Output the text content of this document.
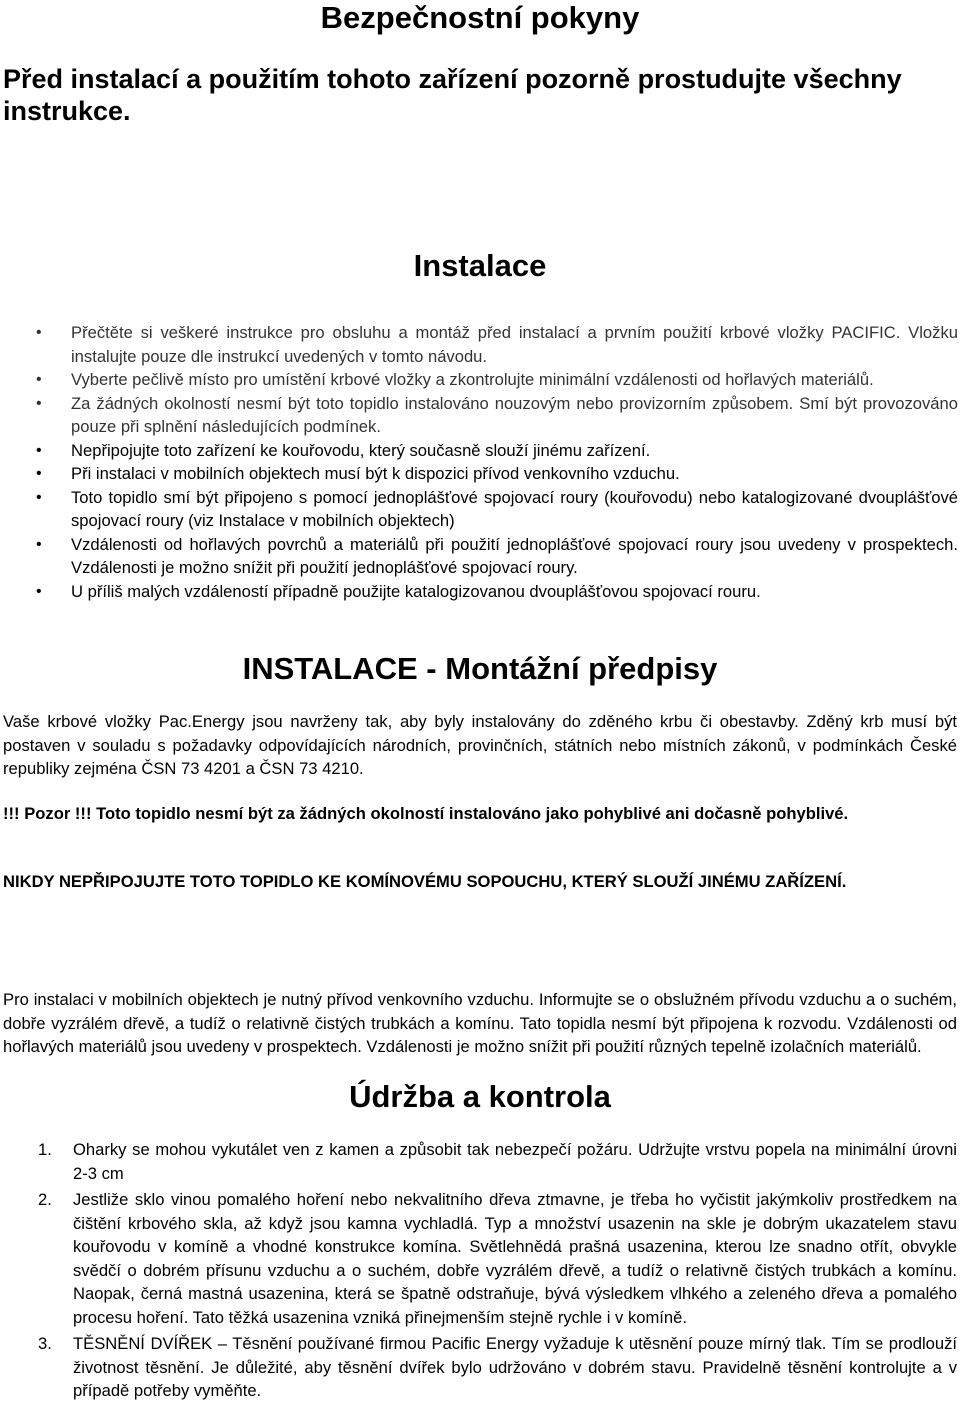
Bezpečnostní pokyny
Před instalací a použitím tohoto zařízení pozorně prostudujte všechny instrukce.
Instalace
• Přečtěte si veškeré instrukce pro obsluhu a montáž před instalací a prvním použití krbové vložky PACIFIC. Vložku instalujte pouze dle instrukcí uvedených v tomto návodu.
• Vyberte pečlivě místo pro umístění krbové vložky a zkontrolujte minimální vzdálenosti od hořlavých materiálů.
• Za žádných okolností nesmí být toto topidlo instalováno nouzovým nebo provizorním způsobem. Smí být provozováno pouze při splnění následujících podmínek.
• Nepřipojujte toto zařízení ke kouřovodu, který současně slouží jinému zařízení.
• Při instalaci v mobilních objektech musí být k dispozici přívod venkovního vzduchu.
• Toto topidlo smí být připojeno s pomocí jednoplášťové spojovací roury (kouřovodu) nebo katalogizované dvouplášťové spojovací roury (viz Instalace v mobilních objektech)
• Vzdálenosti od hořlavých povrchů a materiálů při použití jednoplášťové spojovací roury jsou uvedeny v prospektech. Vzdálenosti je možno snížit při použití jednoplášťové spojovací roury.
• U příliš malých vzdáleností případně použijte katalogizovanou dvouplášťovou spojovací rouru.
INSTALACE - Montážní předpisy
Vaše krbové vložky Pac.Energy jsou navrženy tak, aby byly instalovány do zděného krbu či obestavby. Zděný krb musí být postaven v souladu s požadavky odpovídajících národních, provinčních, státních nebo místních zákonů, v podmínkách České republiky zejména ČSN 73 4201 a ČSN 73 4210.
!!! Pozor !!! Toto topidlo nesmí být za žádných okolností instalováno jako pohyblivé ani dočasně pohyblivé.
NIKDY NEPŘIPOJUJTE TOTO TOPIDLO KE KOMÍNOVÉMU SOPOUCHU, KTERÝ SLOUŽÍ JINÉMU ZAŘÍZENÍ.
Pro instalaci v mobilních objektech je nutný přívod venkovního vzduchu. Informujte se o obslužném přívodu vzduchu a o suchém, dobře vyzrálém dřevě, a tudíž o relativně čistých trubkách a komínu. Tato topidla nesmí být připojena k rozvodu. Vzdálenosti od hořlavých materiálů jsou uvedeny v prospektech. Vzdálenosti je možno snížit při použití různých tepelně izolačních materiálů.
Údržba a kontrola
1. Oharky se mohou vykutálet ven z kamen a způsobit tak nebezpečí požáru. Udržujte vrstvu popela na minimální úrovni 2-3 cm
2. Jestliže sklo vinou pomalého hoření nebo nekvalitního dřeva ztmavne, je třeba ho vyčistit jakýmkoliv prostředkem na čištění krbového skla, až když jsou kamna vychladlá. Typ a množství usazenin na skle je dobrým ukazatelem stavu kouřovodu v komíně a vhodné konstrukce komína. Světlehnědá prašná usazenina, kterou lze snadno otřít, obvykle svědčí o dobrém přísunu vzduchu a o suchém, dobře vyzrálém dřevě, a tudíž o relativně čistých trubkách a komínu. Naopak, černá mastná usazenina, která se špatně odstraňuje, bývá výsledkem vlhkého a zeleného dřeva a pomalého procesu hoření. Tato těžká usazenina vzniká přinejmenším stejně rychle i v komíně.
3. TĚSNĚNÍ DVÍŘEK – Těsnění používané firmou Pacific Energy vyžaduje k utěsnění pouze mírný tlak. Tím se prodlouží životnost těsnění. Je důležité, aby těsnění dvířek bylo udržováno v dobrém stavu. Pravidelně těsnění kontrolujte a v případě potřeby vyměňte.
